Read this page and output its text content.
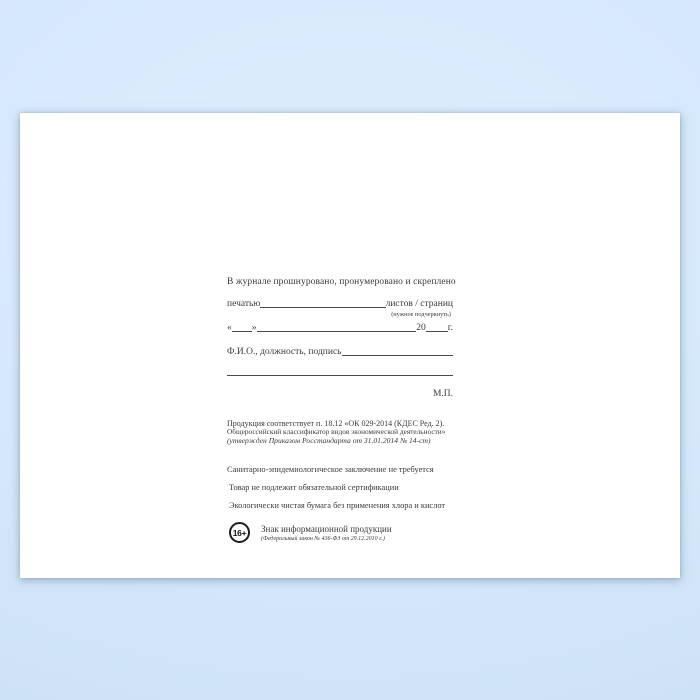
В журнале прошнуровано, пронумеровано и скреплено
печатью	листов / страниц
(нужное подчеркнуть)
« »	20 г.
Ф.И.О., должность, подпись
М.П.
Продукция соответствует п. 18.12 «ОК 029-2014 (КДЕС Ред. 2).
Общероссийский классификатор видов экономической деятельности»
(утвержден Приказом Росстандарта от 31.01.2014 № 14-ст)
Санитарно-эпидемиологическое заключение не требуется
Товар не подлежит обязательной сертификации
Экологически чистая бумага без применения хлора и кислот
16+ Знак информационной продукции
(Федеральный закон № 436-ФЗ от 29.12.2010 г.)
